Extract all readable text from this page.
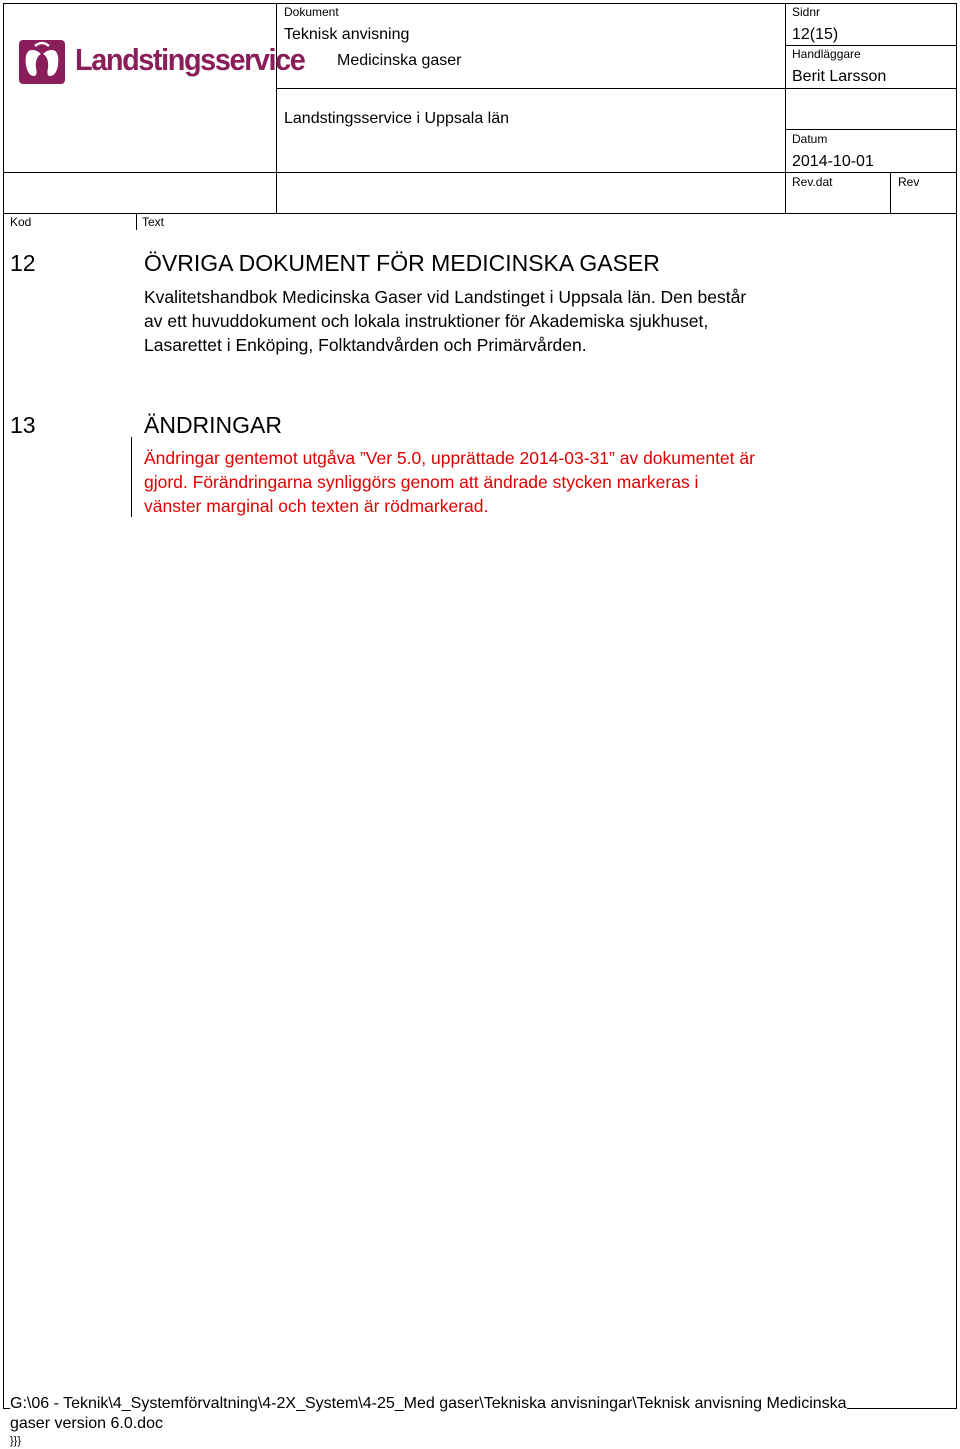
Landstingsservice
Dokument
Teknisk anvisning
Medicinska gaser
Landstingsservice i Uppsala län
Sidnr
12(15)
Handläggare
Berit Larsson
Datum
2014-10-01
Rev.dat	Rev
Kod	Text
12	ÖVRIGA DOKUMENT FÖR MEDICINSKA GASER
Kvalitetshandbok Medicinska Gaser vid Landstinget i Uppsala län. Den består
av ett huvuddokument och lokala instruktioner för Akademiska sjukhuset,
Lasarettet i Enköping, Folktandvården och Primärvården.
13	ÄNDRINGAR
Ändringar gentemot utgåva ”Ver 5.0, upprättade 2014-03-31” av dokumentet är
gjord. Förändringarna synliggörs genom att ändrade stycken markeras i
vänster marginal och texten är rödmarkerad.
G:\06 - Teknik\4_Systemförvaltning\4-2X_System\4-25_Med gaser\Tekniska anvisningar\Teknisk anvisning Medicinska
gaser version 6.0.doc
}}}
